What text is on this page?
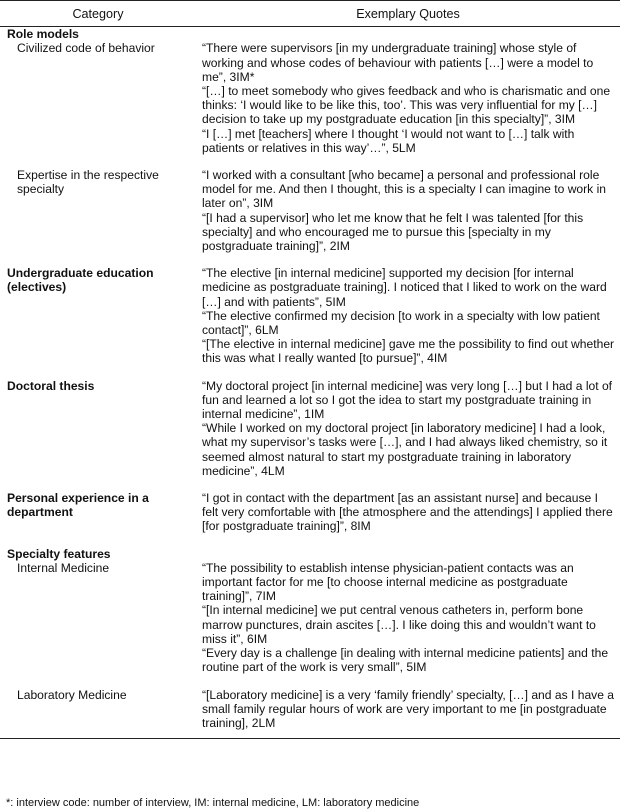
Category	Exemplary Quotes

Role models
Civilized code of behavior	“There were supervisors [in my undergraduate training] whose style of working and whose codes of behaviour with patients […] were a model to me”, 3IM*
“[…] to meet somebody who gives feedback and who is charismatic and one thinks: ‘I would like to be like this, too’. This was very influential for my […] decision to take up my postgraduate education [in this specialty]”, 3IM
“I […] met [teachers] where I thought ‘I would not want to […] talk with patients or relatives in this way’…”, 5LM

Expertise in the respective specialty	“I worked with a consultant [who became] a personal and professional role model for me. And then I thought, this is a specialty I can imagine to work in later on”, 3IM
“[I had a supervisor] who let me know that he felt I was talented [for this specialty] and who encouraged me to pursue this [specialty in my postgraduate training]”, 2IM

Undergraduate education (electives)	“The elective [in internal medicine] supported my decision [for internal medicine as postgraduate training]. I noticed that I liked to work on the ward […] and with patients”, 5IM
“The elective confirmed my decision [to work in a specialty with low patient contact]”, 6LM
“[The elective in internal medicine] gave me the possibility to find out whether this was what I really wanted [to pursue]”, 4IM

Doctoral thesis	“My doctoral project [in internal medicine] was very long […] but I had a lot of fun and learned a lot so I got the idea to start my postgraduate training in internal medicine”, 1IM
“While I worked on my doctoral project [in laboratory medicine] I had a look, what my supervisor’s tasks were […], and I had always liked chemistry, so it seemed almost natural to start my postgraduate training in laboratory medicine”, 4LM

Personal experience in a department	“I got in contact with the department [as an assistant nurse] and because I felt very comfortable with [the atmosphere and the attendings] I applied there [for postgraduate training]”, 8IM

Specialty features
Internal Medicine	“The possibility to establish intense physician-patient contacts was an important factor for me [to choose internal medicine as postgraduate training]”, 7IM
“[In internal medicine] we put central venous catheters in, perform bone marrow punctures, drain ascites […]. I like doing this and wouldn’t want to miss it”, 6IM
“Every day is a challenge [in dealing with internal medicine patients] and the routine part of the work is very small”, 5IM

Laboratory Medicine	“[Laboratory medicine] is a very ‘family friendly’ specialty, […] and as I have a small family regular hours of work are very important to me [in postgraduate training], 2LM
*: interview code: number of interview, IM: internal medicine, LM: laboratory medicine
